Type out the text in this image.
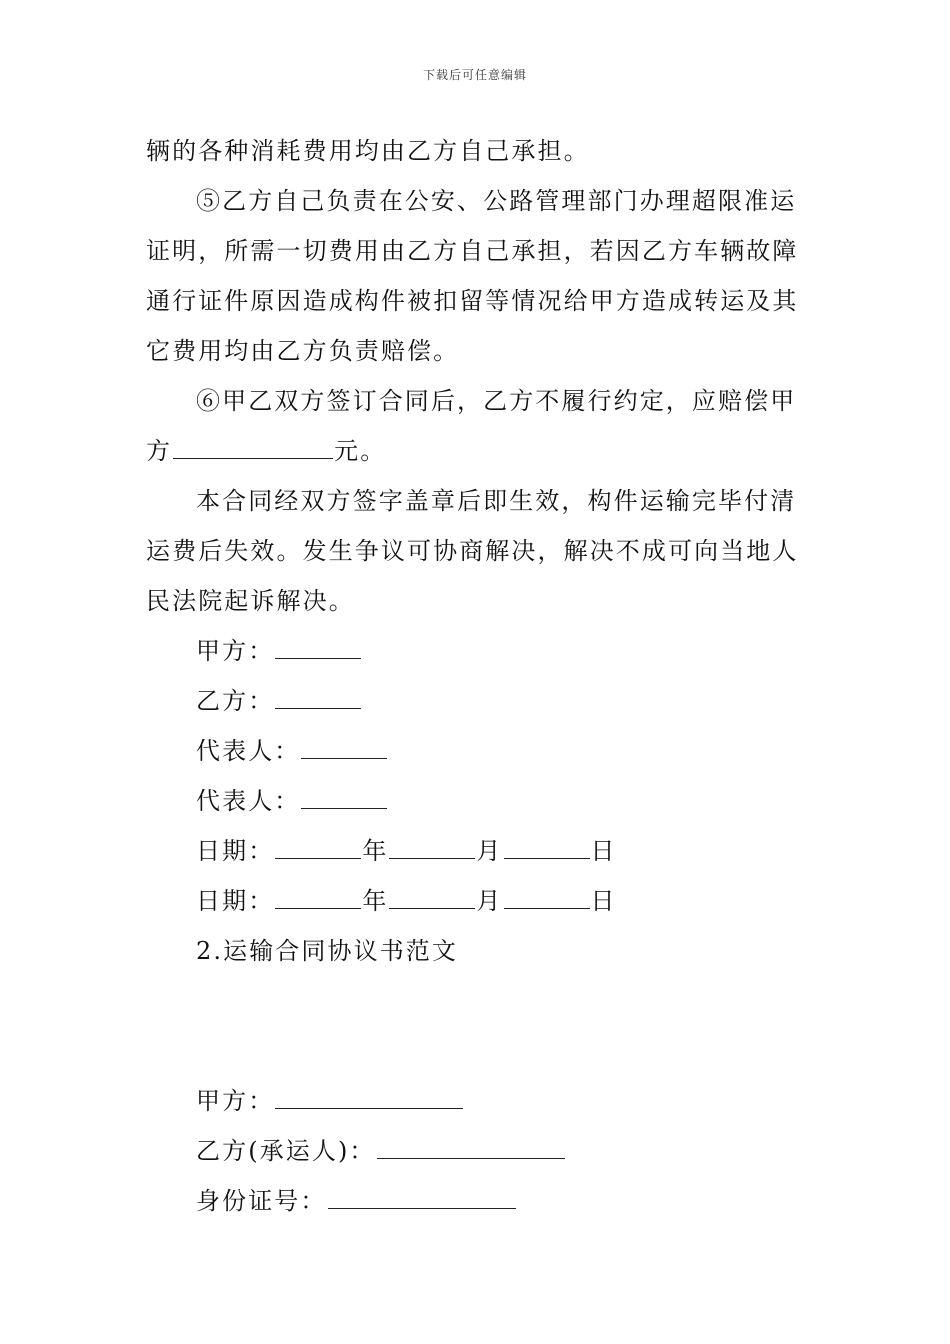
下载后可任意编辑

辆的各种消耗费用均由乙方自己承担。

⑤乙方自己负责在公安、公路管理部门办理超限准运证明，所需一切费用由乙方自己承担，若因乙方车辆故障通行证件原因造成构件被扣留等情况给甲方造成转运及其它费用均由乙方负责赔偿。

⑥甲乙双方签订合同后，乙方不履行约定，应赔偿甲方	元。

本合同经双方签字盖章后即生效，构件运输完毕付清运费后失效。发生争议可协商解决，解决不成可向当地人民法院起诉解决。

甲方：

乙方：

代表人：

代表人：

日期：	年	月	日

日期：	年	月	日

2.运输合同协议书范文

甲方：

乙方(承运人)：

身份证号：
